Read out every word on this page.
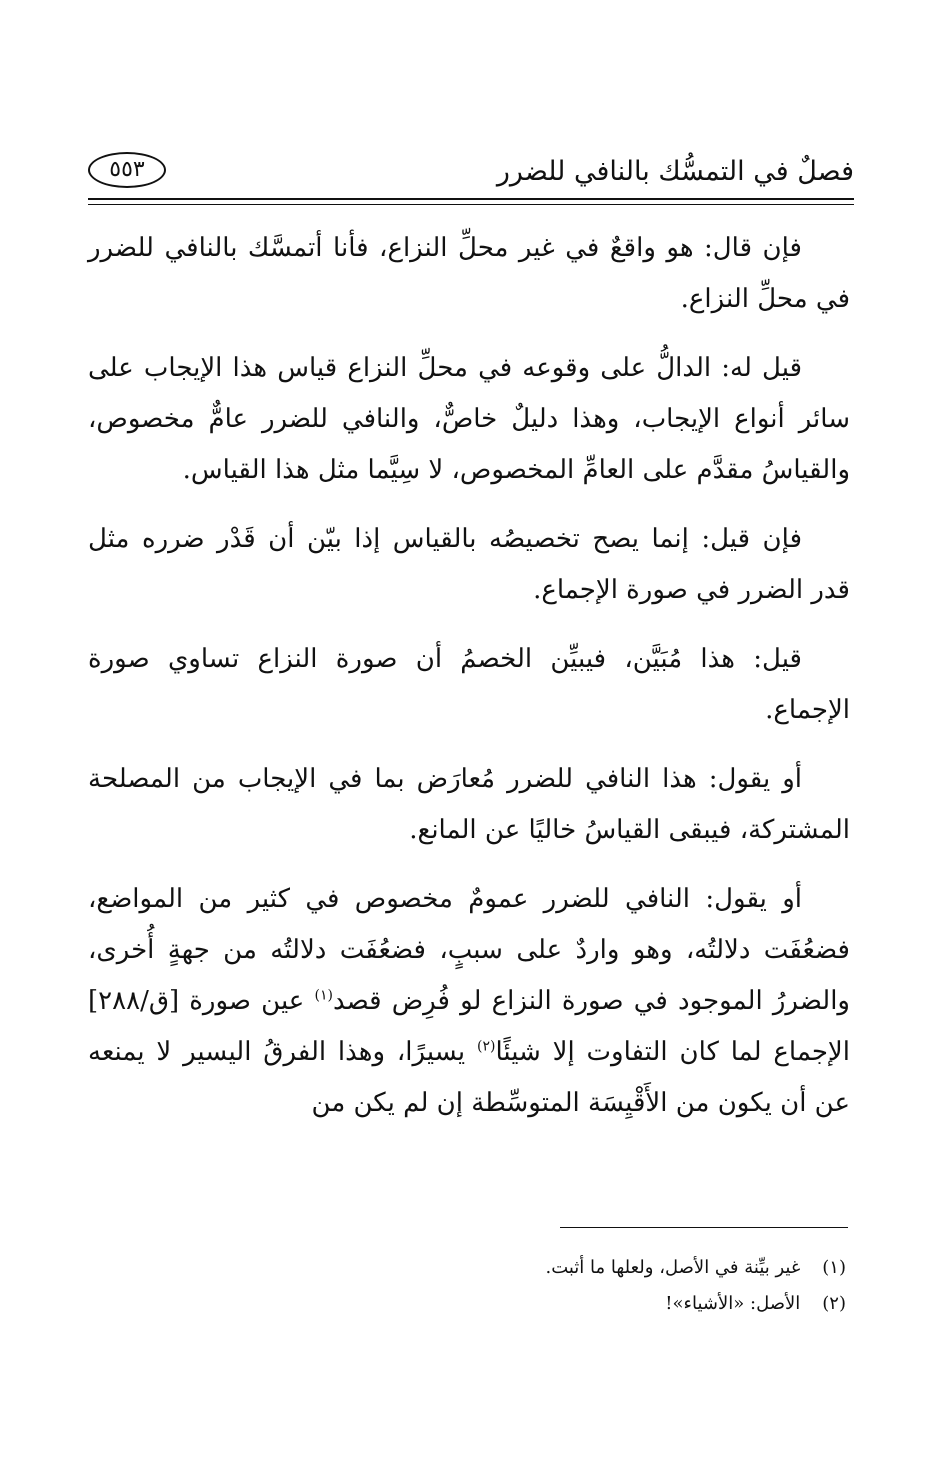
فصلٌ في التمسُّك بالنافي للضرر
٥٥٣

فإن قال: هو واقعٌ في غير محلِّ النزاع، فأنا أتمسَّك بالنافي للضرر في محلِّ النزاع.

قيل له: الدالُّ على وقوعه في محلِّ النزاع قياس هذا الإيجاب على سائر أنواع الإيجاب، وهذا دليلٌ خاصٌّ، والنافي للضرر عامٌّ مخصوص، والقياسُ مقدَّم على العامِّ المخصوص، لا سِيَّما مثل هذا القياس.

فإن قيل: إنما يصح تخصيصُه بالقياس إذا بيّن أن قَدْر ضرره مثل قدر الضرر في صورة الإجماع.

قيل: هذا مُبَيَّن، فيبيِّن الخصمُ أن صورة النزاع تساوي صورة الإجماع.

أو يقول: هذا النافي للضرر مُعارَض بما في الإيجاب من المصلحة المشتركة، فيبقى القياسُ خاليًا عن المانع.

أو يقول: النافي للضرر عمومٌ مخصوص في كثير من المواضع، فضعُفَت دلالتُه، وهو واردٌ على سببٍ، فضعُفَت دلالتُه من جهةٍ أُخرى، والضررُ الموجود في صورة النزاع لو فُرِض قصد$^{(١)}$ عين صورة [ق/٢٨٨] الإجماع لما كان التفاوت إلا شيئًا$^{(٢)}$ يسيرًا، وهذا الفرقُ اليسير لا يمنعه عن أن يكون من الأَقْيِسَة المتوسِّطة إن لم يكن من

(١) غير بيِّنة في الأصل، ولعلها ما أثبت.

(٢) الأصل: «الأشياء»!
